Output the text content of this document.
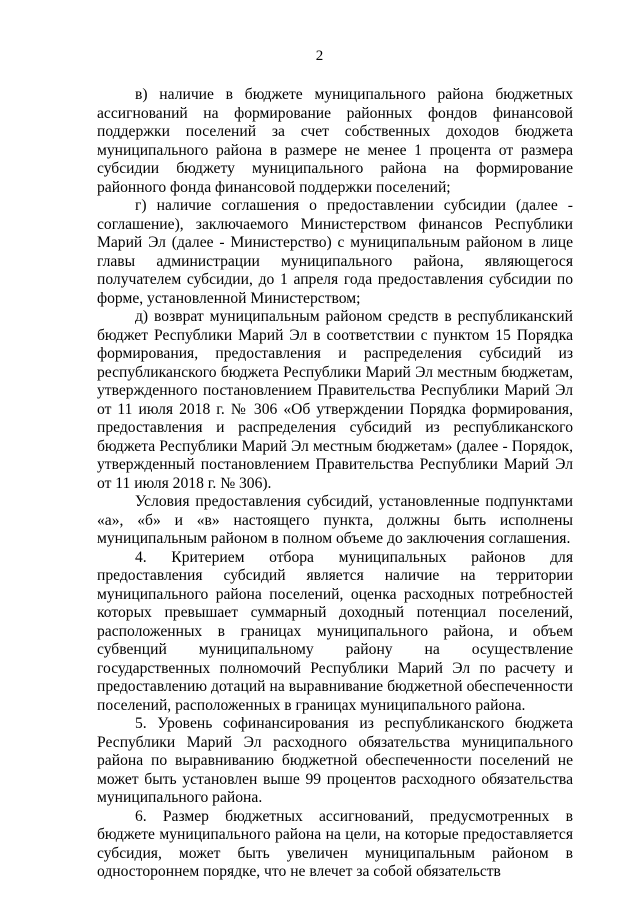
2

в) наличие в бюджете муниципального района бюджетных ассигнований на формирование районных фондов финансовой поддержки поселений за счет собственных доходов бюджета муниципального района в размере не менее 1 процента от размера субсидии бюджету муниципального района на формирование районного фонда финансовой поддержки поселений;

г) наличие соглашения о предоставлении субсидии (далее - соглашение), заключаемого Министерством финансов Республики Марий Эл (далее - Министерство) с муниципальным районом в лице главы администрации муниципального района, являющегося получателем субсидии, до 1 апреля года предоставления субсидии по форме, установленной Министерством;

д) возврат муниципальным районом средств в республиканский бюджет Республики Марий Эл в соответствии с пунктом 15 Порядка формирования, предоставления и распределения субсидий из республиканского бюджета Республики Марий Эл местным бюджетам, утвержденного постановлением Правительства Республики Марий Эл от 11 июля 2018 г. № 306 «Об утверждении Порядка формирования, предоставления и распределения субсидий из республиканского бюджета Республики Марий Эл местным бюджетам» (далее - Порядок, утвержденный постановлением Правительства Республики Марий Эл от 11 июля 2018 г. № 306).

Условия предоставления субсидий, установленные подпунктами «а», «б» и «в» настоящего пункта, должны быть исполнены муниципальным районом в полном объеме до заключения соглашения.

4. Критерием отбора муниципальных районов для предоставления субсидий является наличие на территории муниципального района поселений, оценка расходных потребностей которых превышает суммарный доходный потенциал поселений, расположенных в границах муниципального района, и объем субвенций муниципальному району на осуществление государственных полномочий Республики Марий Эл по расчету и предоставлению дотаций на выравнивание бюджетной обеспеченности поселений, расположенных в границах муниципального района.

5. Уровень софинансирования из республиканского бюджета Республики Марий Эл расходного обязательства муниципального района по выравниванию бюджетной обеспеченности поселений не может быть установлен выше 99 процентов расходного обязательства муниципального района.

6. Размер бюджетных ассигнований, предусмотренных в бюджете муниципального района на цели, на которые предоставляется субсидия, может быть увеличен муниципальным районом в одностороннем порядке, что не влечет за собой обязательств
